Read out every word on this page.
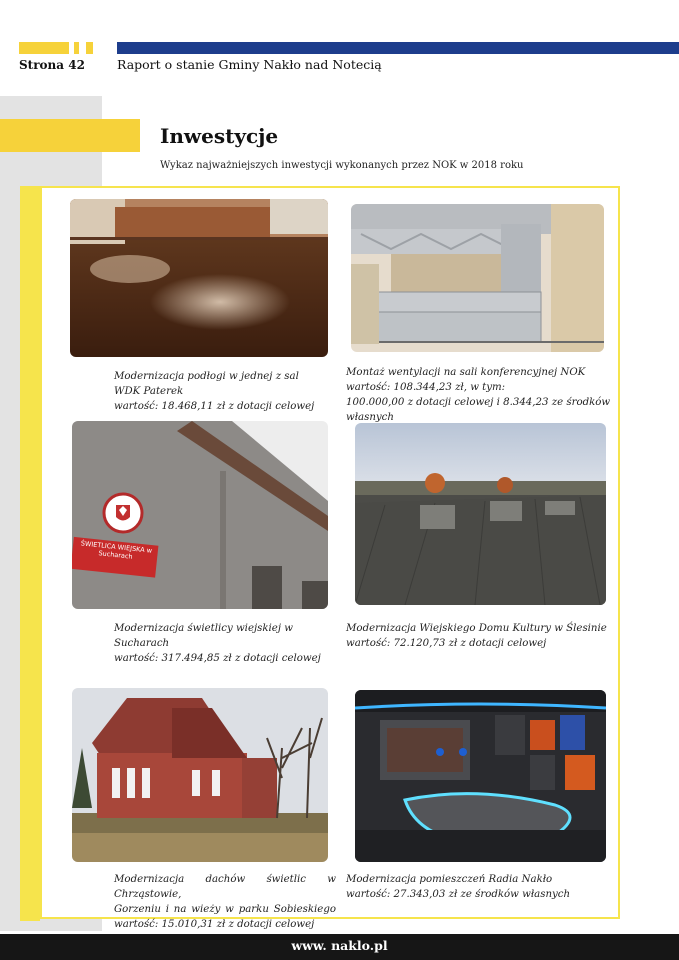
Strona 42	Raport o stanie Gminy Nakło nad Notecią
Inwestycje
Wykaz najważniejszych inwestycji wykonanych przez NOK w 2018 roku
ŚWIETLICA WIEJSKA w Sucharach
Modernizacja podłogi w jednej z sal
WDK Paterek
wartość: 18.468,11 zł z dotacji celowej
Montaż wentylacji na sali konferencyjnej NOK
wartość: 108.344,23 zł, w tym:
100.000,00 z dotacji celowej i 8.344,23 ze środków własnych
Modernizacja świetlicy wiejskiej w Sucharach
wartość: 317.494,85 zł z dotacji celowej
Modernizacja Wiejskiego Domu Kultury w Ślesinie
wartość: 72.120,73 zł z dotacji celowej
Modernizacja dachów świetlic w Chrząstowie,
Gorzeniu i na wieży w parku Sobieskiego
wartość: 15.010,31 zł z dotacji celowej
Modernizacja pomieszczeń Radia Nakło
wartość: 27.343,03 zł ze środków własnych
www. naklo.pl
